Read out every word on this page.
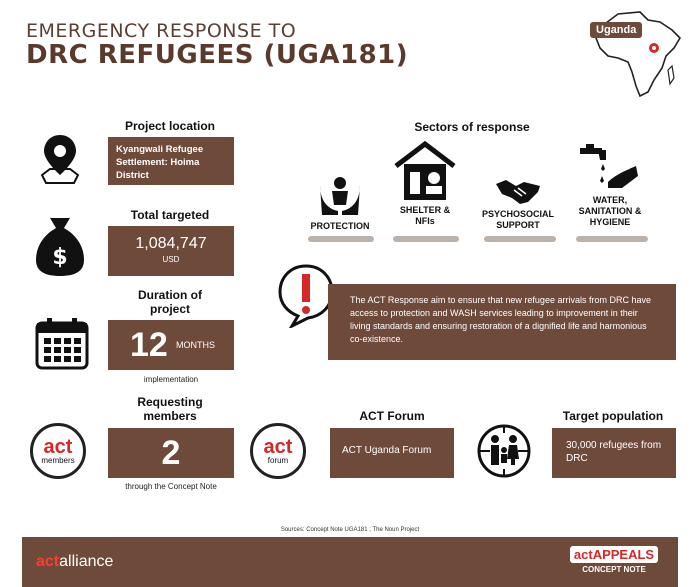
EMERGENCY RESPONSE TO
DRC REFUGEES (UGA181)
Uganda
Project location
Kyangwali Refugee Settlement: Hoima District
$
Total targeted
1,084,747
USD
Duration of project
12 MONTHS
implementation
Sectors of response
PROTECTION
SHELTER & NFIs
PSYCHOSOCIAL SUPPORT
WATER, SANITATION & HYGIENE
The ACT Response aim to ensure that new refugee arrivals from DRC have access to protection and WASH services leading to improvement in their living standards and ensuring restoration of a dignified life and harmonious co-existence.
act
members
Requesting members
2
through the Concept Note
act
forum
ACT Forum
ACT Uganda Forum
Target population
30,000 refugees from DRC
Sources: Concept Note UGA181 ; The Noun Project
actalliance	actAPPEALS
CONCEPT NOTE
